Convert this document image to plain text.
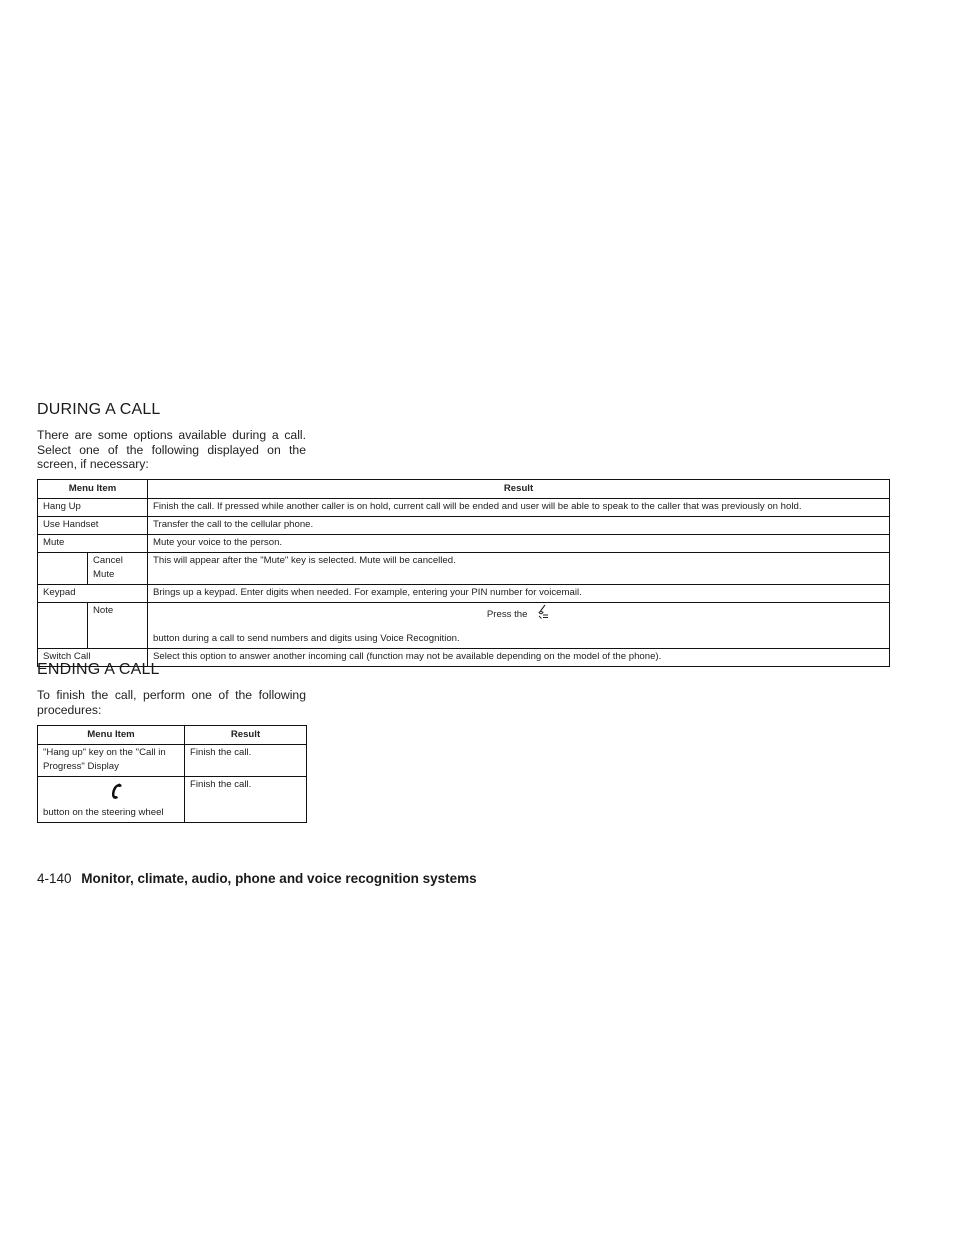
DURING A CALL
There are some options available during a call. Select one of the following displayed on the screen, if necessary:
Menu Item		Result
Hang Up		Finish the call. If pressed while another caller is on hold, current call will be ended and user will be able to speak to the caller that was previously on hold.
Use Handset		Transfer the call to the cellular phone.
Mute		Mute your voice to the person.
	Cancel Mute	This will appear after the "Mute" key is selected. Mute will be cancelled.
Keypad		Brings up a keypad. Enter digits when needed. For example, entering your PIN number for voicemail.
	Note	Press the
button during a call to send numbers and digits using Voice Recognition.

Switch Call		Select this option to answer another incoming call (function may not be available depending on the model of the phone).
ENDING A CALL
To finish the call, perform one of the following procedures:
Menu Item	Result
"Hang up" key on the "Call in Progress" Display	Finish the call.

button on the steering wheel	Finish the call.
4-140 Monitor, climate, audio, phone and voice recognition systems
